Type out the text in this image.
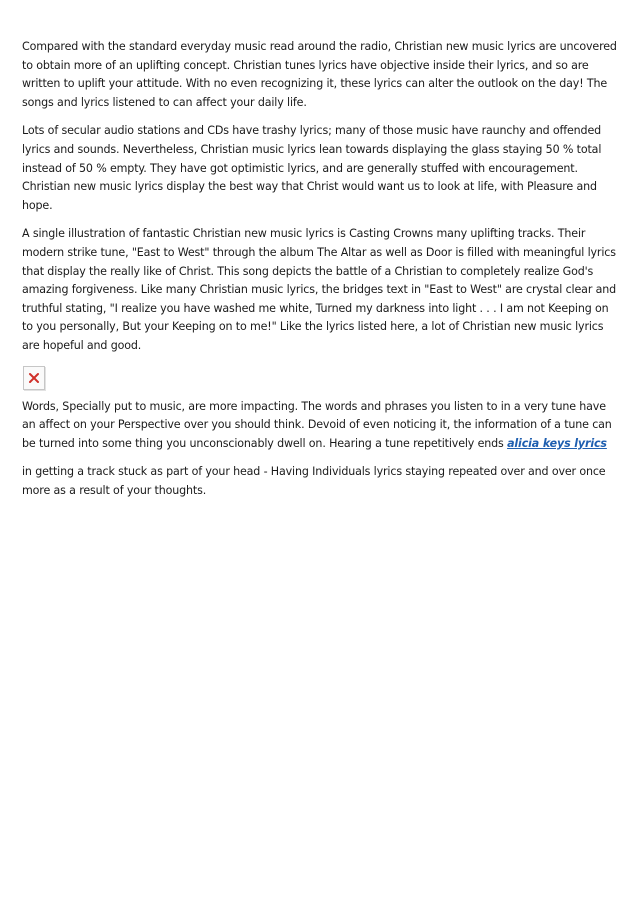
Compared with the standard everyday music read around the radio, Christian new music lyrics are uncovered to obtain more of an uplifting concept. Christian tunes lyrics have objective inside their lyrics, and so are written to uplift your attitude. With no even recognizing it, these lyrics can alter the outlook on the day! The songs and lyrics listened to can affect your daily life.

Lots of secular audio stations and CDs have trashy lyrics; many of those music have raunchy and offended lyrics and sounds. Nevertheless, Christian music lyrics lean towards displaying the glass staying 50 % total instead of 50 % empty. They have got optimistic lyrics, and are generally stuffed with encouragement. Christian new music lyrics display the best way that Christ would want us to look at life, with Pleasure and hope.

A single illustration of fantastic Christian new music lyrics is Casting Crowns many uplifting tracks. Their modern strike tune, "East to West" through the album The Altar as well as Door is filled with meaningful lyrics that display the really like of Christ. This song depicts the battle of a Christian to completely realize God's amazing forgiveness. Like many Christian music lyrics, the bridges text in "East to West" are crystal clear and truthful stating, "I realize you have washed me white, Turned my darkness into light . . . I am not Keeping on to you personally, But your Keeping on to me!" Like the lyrics listed here, a lot of Christian new music lyrics are hopeful and good.

Words, Specially put to music, are more impacting. The words and phrases you listen to in a very tune have an affect on your Perspective over you should think. Devoid of even noticing it, the information of a tune can be turned into some thing you unconscionably dwell on. Hearing a tune repetitively ends alicia keys lyrics

in getting a track stuck as part of your head - Having Individuals lyrics staying repeated over and over once more as a result of your thoughts.
